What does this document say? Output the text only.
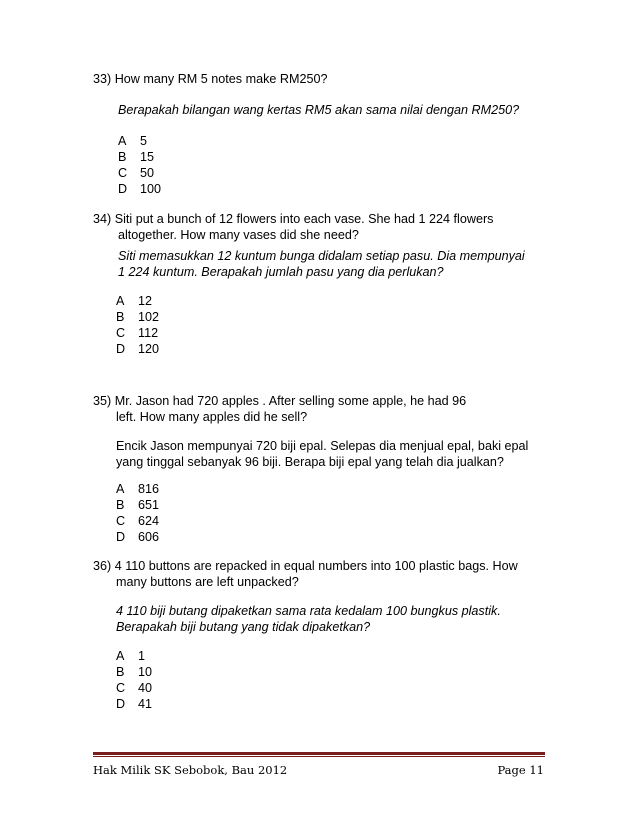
33) How many RM 5 notes make RM250?
Berapakah bilangan wang kertas RM5 akan sama nilai dengan RM250?
A 5
B 15
C 50
D 100
34) Siti put a bunch of 12 flowers into each vase. She had 1 224 flowers
altogether. How many vases did she need?
Siti memasukkan 12 kuntum bunga didalam setiap pasu. Dia mempunyai
1 224 kuntum. Berapakah jumlah pasu yang dia perlukan?
A 12
B 102
C 112
D 120
35) Mr. Jason had 720 apples . After selling some apple, he had 96
left. How many apples did he sell?
Encik Jason mempunyai 720 biji epal. Selepas dia menjual epal, baki epal
yang tinggal sebanyak 96 biji. Berapa biji epal yang telah dia jualkan?
A 816
B 651
C 624
D 606
36) 4 110 buttons are repacked in equal numbers into 100 plastic bags. How
many buttons are left unpacked?
4 110 biji butang dipaketkan sama rata kedalam 100 bungkus plastik.
Berapakah biji butang yang tidak dipaketkan?
A 1
B 10
C 40
D 41
Hak Milik SK Sebobok, Bau 2012	Page 11
